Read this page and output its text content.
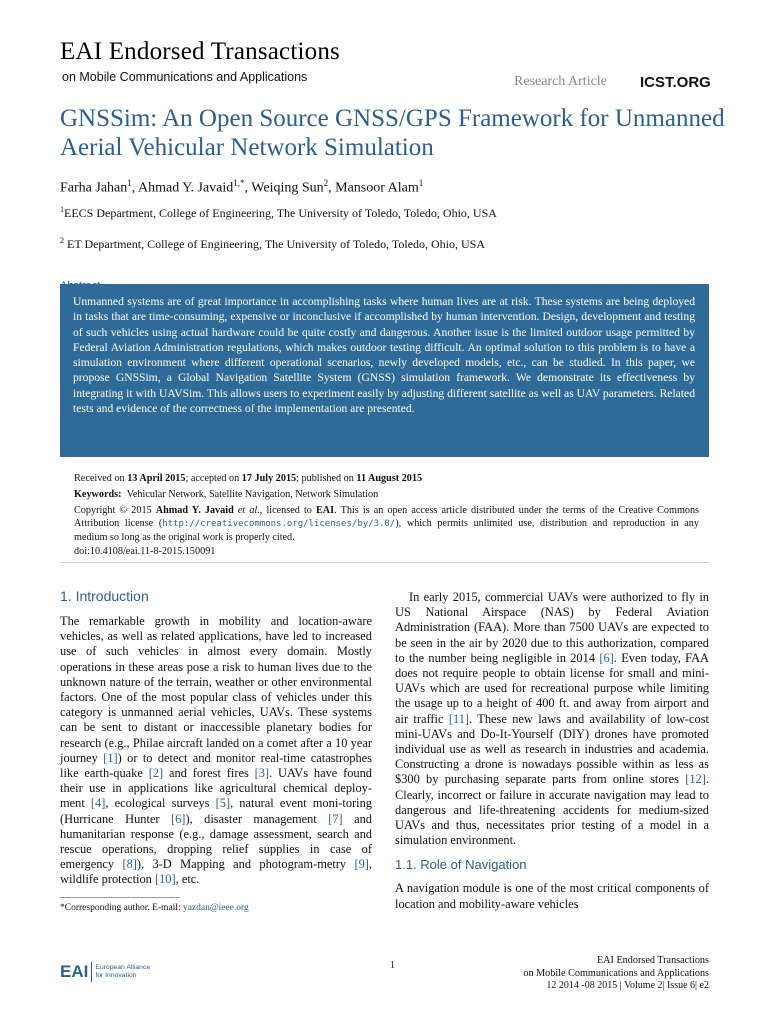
EAI Endorsed Transactions
on Mobile Communications and Applications	Research Article ICST.ORG
GNSSim: An Open Source GNSS/GPS Framework for Unmanned Aerial Vehicular Network Simulation
Farha Jahan$^1$, Ahmad Y. Javaid$^{1,*}$, Weiqing Sun$^2$, Mansoor Alam$^1$
$^1$EECS Department, College of Engineering, The University of Toledo, Toledo, Ohio, USA
$^2$ ET Department, College of Engineering, The University of Toledo, Toledo, Ohio, USA

Unmanned systems are of great importance in accomplishing tasks where human lives are at risk. These systems are being deployed in tasks that are time-consuming, expensive or inconclusive if accomplished by human intervention. Design, development and testing of such vehicles using actual hardware could be quite costly and dangerous. Another issue is the limited outdoor usage permitted by Federal Aviation Administration regulations, which makes outdoor testing difficult. An optimal solution to this problem is to have a simulation environment where different operational scenarios, newly developed models, etc., can be studied. In this paper, we propose GNSSim, a Global Navigation Satellite System (GNSS) simulation framework. We demonstrate its effectiveness by integrating it with UAVSim. This allows users to experiment easily by adjusting different satellite as well as UAV parameters. Related tests and evidence of the correctness of the implementation are presented.

Received on 13 April 2015; accepted on 17 July 2015; published on 11 August 2015
Keywords: Vehicular Network, Satellite Navigation, Network Simulation
Copyright © 2015 Ahmad Y. Javaid et al., licensed to EAI. This is an open access article distributed under the terms of the Creative Commons Attribution license (http://creativecommons.org/licenses/by/3.0/), which permits unlimited use, distribution and reproduction in any medium so long as the original work is properly cited.
doi:10.4108/eai.11-8-2015.150091
1. Introduction

The remarkable growth in mobility and location-aware vehicles, as well as related applications, have led to increased use of such vehicles in almost every domain. Mostly operations in these areas pose a risk to human lives due to the unknown nature of the terrain, weather or other environmental factors. One of the most popular class of vehicles under this category is unmanned aerial vehicles, UAVs. These systems can be sent to distant or inaccessible planetary bodies for research (e.g., Philae aircraft landed on a comet after a 10 year journey [1]) or to detect and monitor real-time catastrophes like earth-quake [2] and forest fires [3]. UAVs have found their use in applications like agricultural chemical deploy-ment [4], ecological surveys [5], natural event moni-toring (Hurricane Hunter [6]), disaster management [7] and humanitarian response (e.g., damage assessment, search and rescue operations, dropping relief supplies in case of emergency [8]), 3-D Mapping and photogram-metry [9], wildlife protection [10], etc.

*Corresponding author. E-mail: yazdan@ieee.org

In early 2015, commercial UAVs were authorized to fly in US National Airspace (NAS) by Federal Aviation Administration (FAA). More than 7500 UAVs are expected to be seen in the air by 2020 due to this authorization, compared to the number being negligible in 2014 [6]. Even today, FAA does not require people to obtain license for small and mini-UAVs which are used for recreational purpose while limiting the usage up to a height of 400 ft. and away from airport and air traffic [11]. These new laws and availability of low-cost mini-UAVs and Do-It-Yourself (DIY) drones have promoted individual use as well as research in industries and academia. Constructing a drone is nowadays possible within as less as $300 by purchasing separate parts from online stores [12]. Clearly, incorrect or failure in accurate navigation may lead to dangerous and life-threatening accidents for medium-sized UAVs and thus, necessitates prior testing of a model in a simulation environment.

1.1. Role of Navigation

A navigation module is one of the most critical components of location and mobility-aware vehicles

EAI European Alliance
for Innovation
1	EAI Endorsed Transactions
on Mobile Communications and Applications
12 2014 -08 2015 | Volume 2| Issue 6| e2
